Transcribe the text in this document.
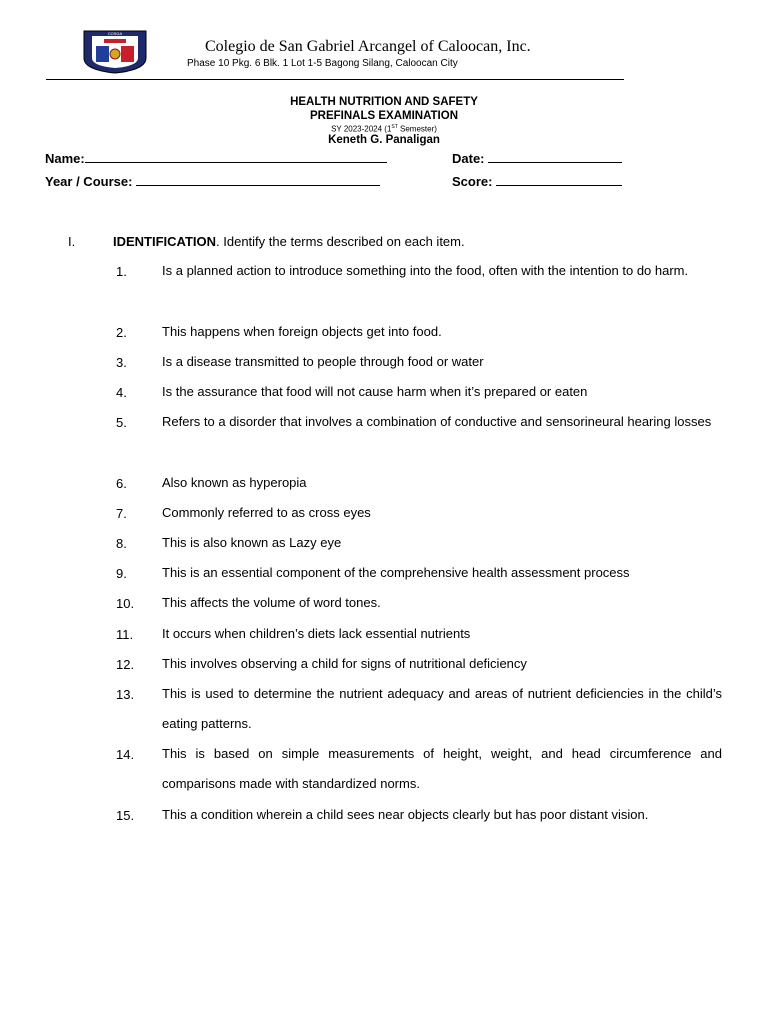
COSGA
Colegio de San Gabriel Arcangel of Caloocan, Inc.
Phase 10 Pkg. 6 Blk. 1 Lot 1-5 Bagong Silang, Caloocan City
HEALTH NUTRITION AND SAFETY
PREFINALS EXAMINATION
SY 2023-2024 (1ST Semester)
Keneth G. Panaligan
Name:	Date:
Year / Course:	Score:
I.	IDENTIFICATION. Identify the terms described on each item.
1.	Is a planned action to introduce something into the food, often with the intention to do harm.
2.	This happens when foreign objects get into food.
3.	Is a disease transmitted to people through food or water
4.	Is the assurance that food will not cause harm when it’s prepared or eaten
5.	Refers to a disorder that involves a combination of conductive and sensorineural hearing losses
6.	Also known as hyperopia
7.	Commonly referred to as cross eyes
8.	This is also known as Lazy eye
9.	This is an essential component of the comprehensive health assessment process
10. This affects the volume of word tones.
11. It occurs when children’s diets lack essential nutrients
12. This involves observing a child for signs of nutritional deficiency
13. This is used to determine the nutrient adequacy and areas of nutrient deficiencies in the child’s eating patterns.
14. This is based on simple measurements of height, weight, and head circumference and comparisons made with standardized norms.
15. This a condition wherein a child sees near objects clearly but has poor distant vision.
